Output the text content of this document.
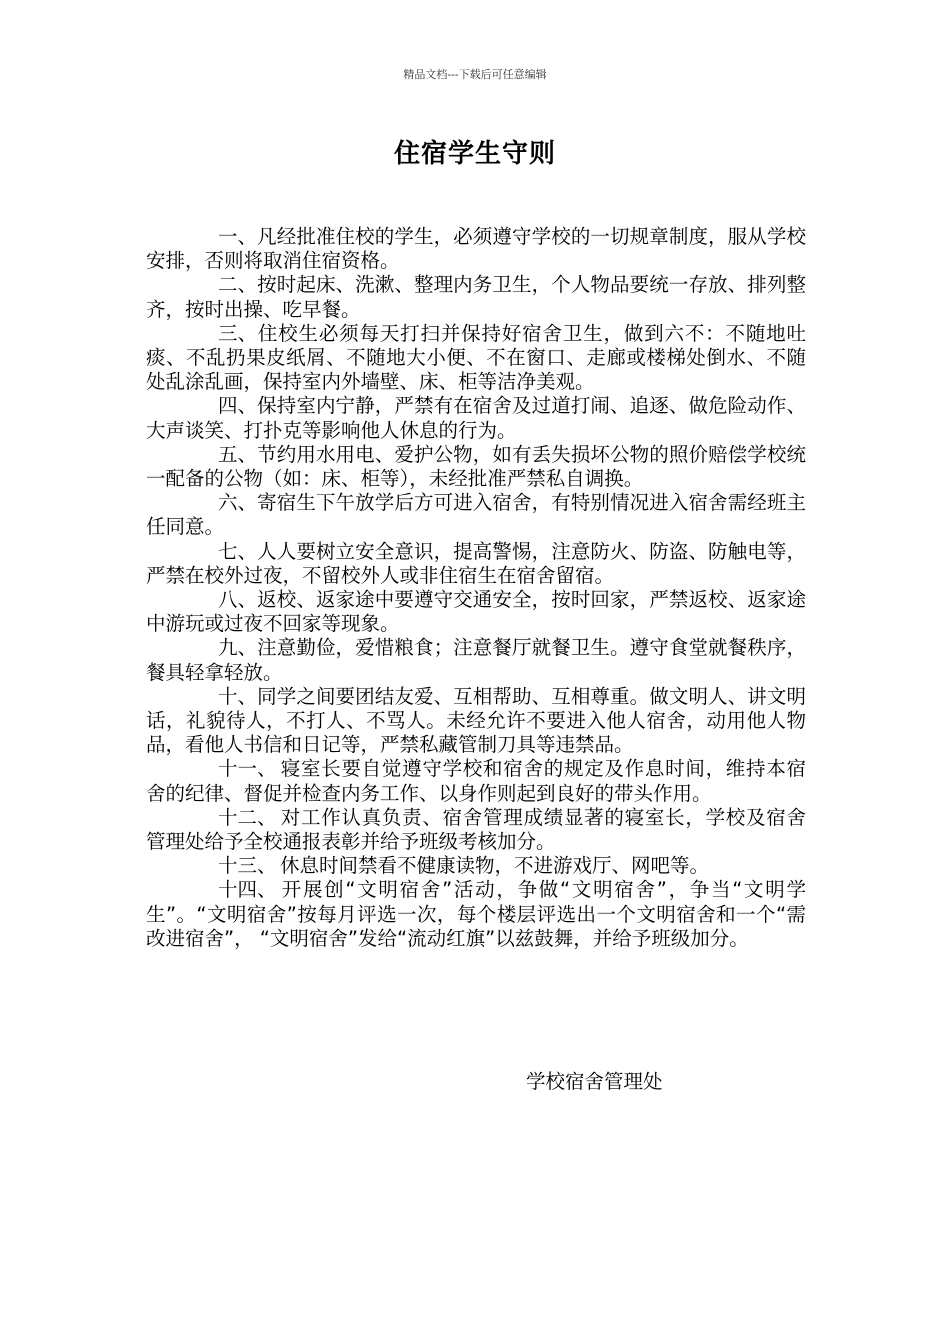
精品文档---下载后可任意编辑
住宿学生守则

一、凡经批准住校的学生，必须遵守学校的一切规章制度，服从学校安排，否则将取消住宿资格。

二、按时起床、洗漱、整理内务卫生，个人物品要统一存放、排列整齐，按时出操、吃早餐。

三、住校生必须每天打扫并保持好宿舍卫生，做到六不：不随地吐痰、不乱扔果皮纸屑、不随地大小便、不在窗口、走廊或楼梯处倒水、不随处乱涂乱画，保持室内外墙壁、床、柜等洁净美观。

四、保持室内宁静，严禁有在宿舍及过道打闹、追逐、做危险动作、大声谈笑、打扑克等影响他人休息的行为。

五、节约用水用电、爱护公物，如有丢失损坏公物的照价赔偿学校统一配备的公物（如：床、柜等），未经批准严禁私自调换。

六、寄宿生下午放学后方可进入宿舍，有特别情况进入宿舍需经班主任同意。

七、人人要树立安全意识，提高警惕，注意防火、防盗、防触电等，严禁在校外过夜，不留校外人或非住宿生在宿舍留宿。

八、返校、返家途中要遵守交通安全，按时回家，严禁返校、返家途中游玩或过夜不回家等现象。

九、注意勤俭，爱惜粮食；注意餐厅就餐卫生。遵守食堂就餐秩序，餐具轻拿轻放。

十、同学之间要团结友爱、互相帮助、互相尊重。做文明人、讲文明话，礼貌待人，不打人、不骂人。未经允许不要进入他人宿舍，动用他人物品，看他人书信和日记等，严禁私藏管制刀具等违禁品。

十一、 寝室长要自觉遵守学校和宿舍的规定及作息时间，维持本宿舍的纪律、督促并检查内务工作、以身作则起到良好的带头作用。

十二、 对工作认真负责、宿舍管理成绩显著的寝室长，学校及宿舍管理处给予全校通报表彰并给予班级考核加分。

十三、 休息时间禁看不健康读物，不进游戏厅、网吧等。

十四、 开展创“文明宿舍”活动，争做“文明宿舍”，争当“文明学生”。“文明宿舍”按每月评选一次，每个楼层评选出一个文明宿舍和一个“需改进宿舍”， “文明宿舍”发给“流动红旗”以兹鼓舞，并给予班级加分。

学校宿舍管理处
